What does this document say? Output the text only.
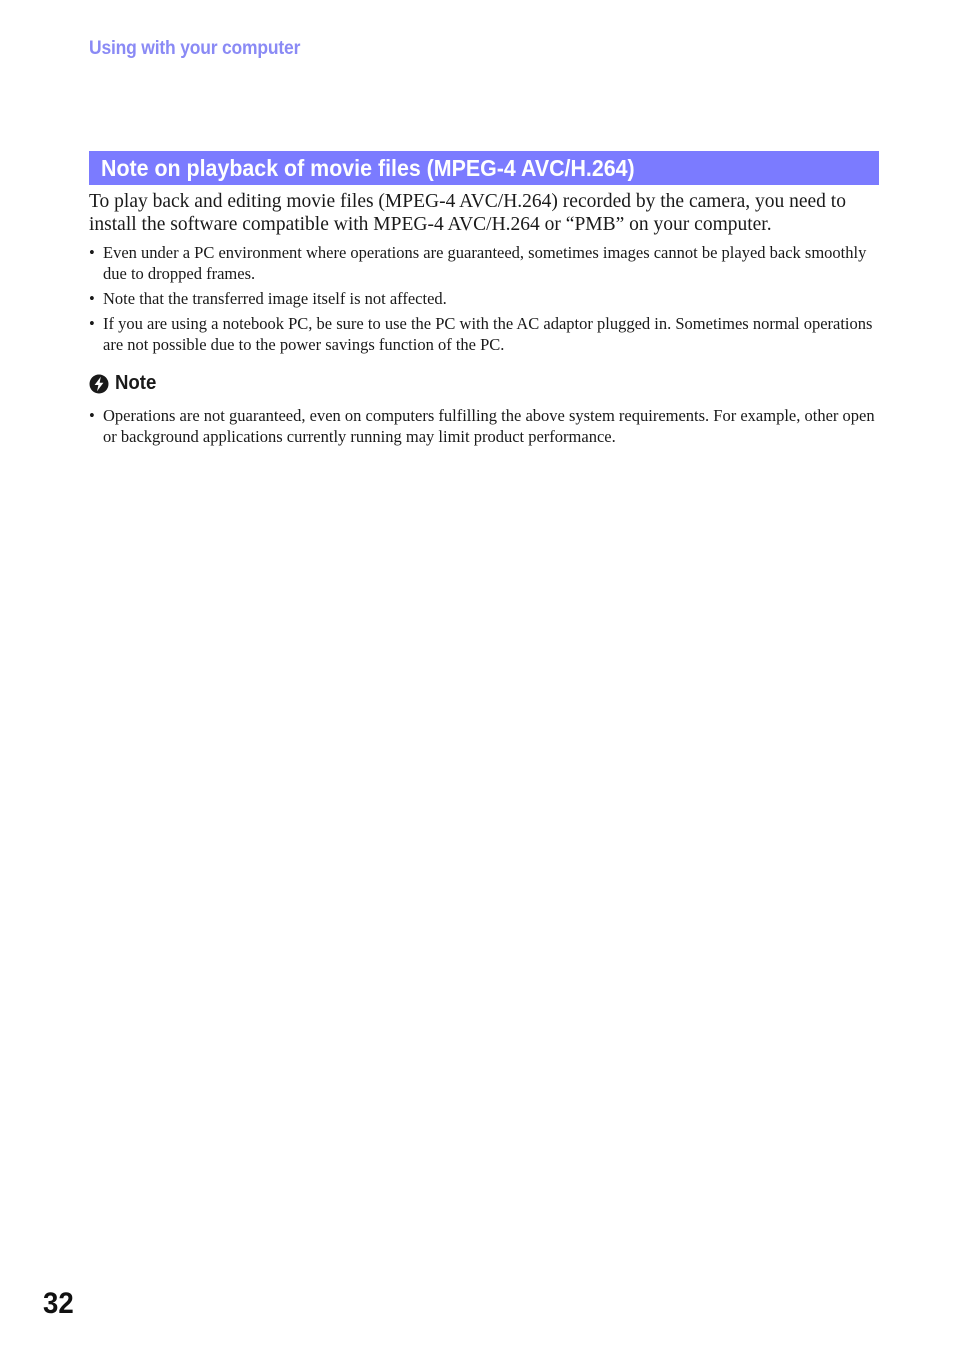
Using with your computer
Note on playback of movie files (MPEG-4 AVC/H.264)

To play back and editing movie files (MPEG-4 AVC/H.264) recorded by the camera, you need to install the software compatible with MPEG-4 AVC/H.264 or “PMB” on your computer.

• Even under a PC environment where operations are guaranteed, sometimes images cannot be played back smoothly due to dropped frames.
• Note that the transferred image itself is not affected.
• If you are using a notebook PC, be sure to use the PC with the AC adaptor plugged in. Sometimes normal operations are not possible due to the power savings function of the PC.
Note
• Operations are not guaranteed, even on computers fulfilling the above system requirements. For example, other open or background applications currently running may limit product performance.
32
